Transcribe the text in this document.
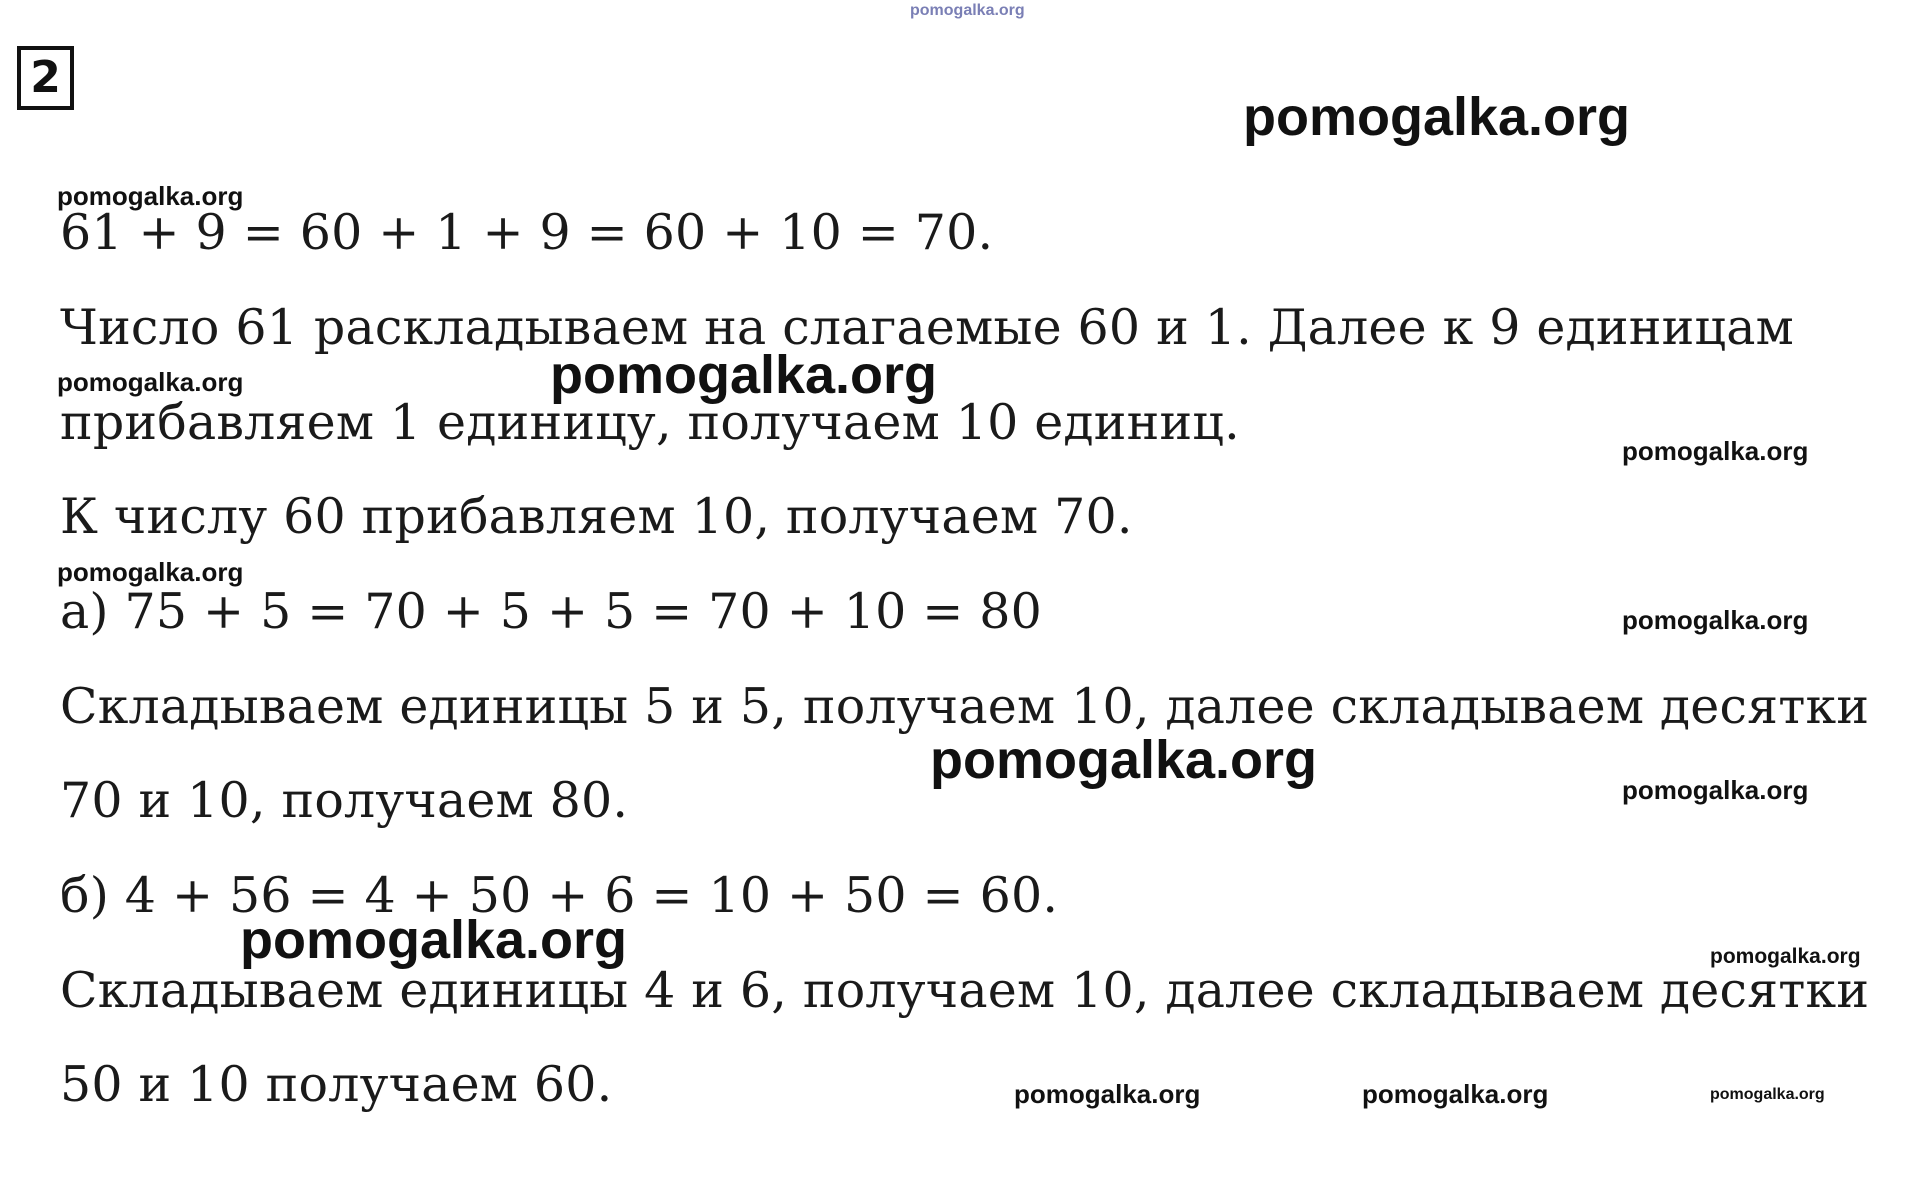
pomogalka.org
2
pomogalka.org
pomogalka.org
pomogalka.org
pomogalka.org
61 + 9 = 60 + 1 + 9 = 60 + 10 = 70.
Число 61 раскладываем на слагаемые 60 и 1. Далее к 9 единицам
прибавляем 1 единицу, получаем 10 единиц.
К числу 60 прибавляем 10, получаем 70.
а) 75 + 5 = 70 + 5 + 5 = 70 + 10 = 80
Складываем единицы 5 и 5, получаем 10, далее складываем десятки
70 и 10, получаем 80.
б) 4 + 56 = 4 + 50 + 6 = 10 + 50 = 60.
Складываем единицы 4 и 6, получаем 10, далее складываем десятки
50 и 10 получаем 60.
pomogalka.org
pomogalka.org
pomogalka.org
pomogalka.org
pomogalka.org
pomogalka.org
pomogalka.org
pomogalka.org	pomogalka.org	pomogalka.org
